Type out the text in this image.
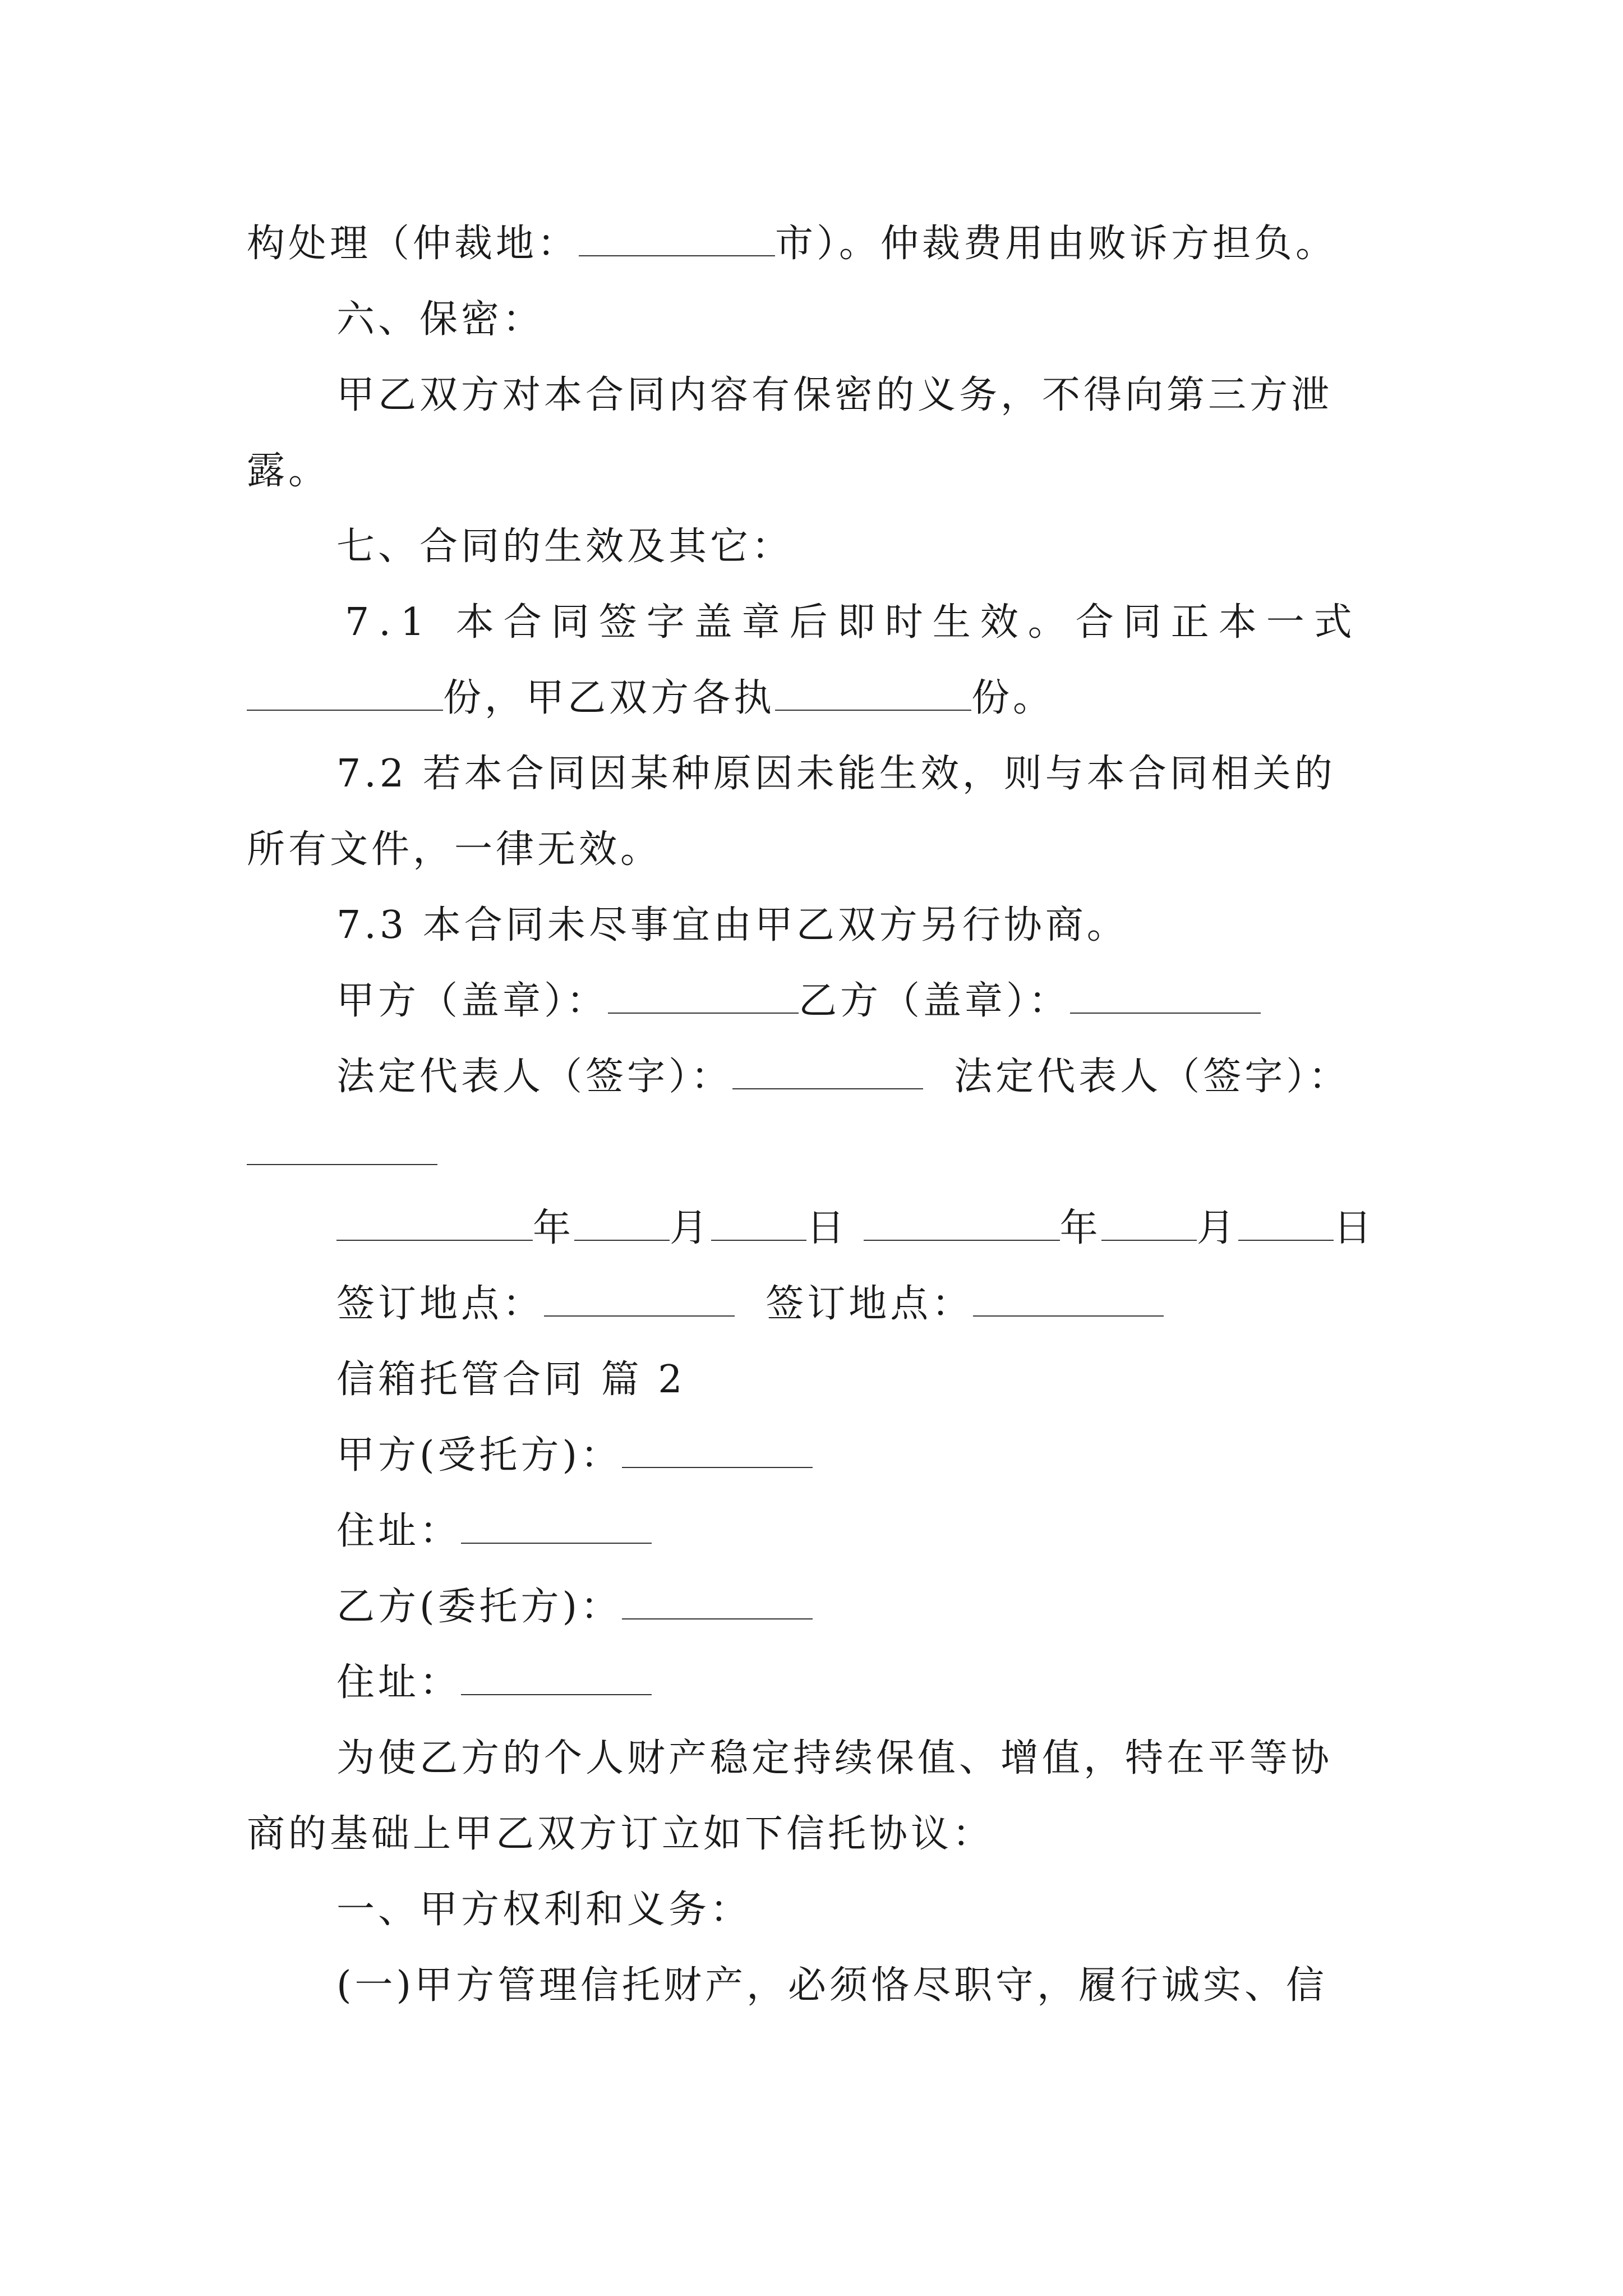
构处理（仲裁地：	市）。仲裁费用由败诉方担负。
六、保密：
甲乙双方对本合同内容有保密的义务，不得向第三方泄
露。
七、合同的生效及其它：
7.1 本合同签字盖章后即时生效。合同正本一式
份，甲乙双方各执	份。
7.2 若本合同因某种原因未能生效，则与本合同相关的
所有文件，一律无效。
7.3 本合同未尽事宜由甲乙双方另行协商。
甲方（盖章）：	乙方（盖章）：
法定代表人（签字）：	法定代表人（签字）：
年	月	日	年	月	日
签订地点：	签订地点：
信箱托管合同 篇 2
甲方(受托方)：
住址：
乙方(委托方)：
住址：
为使乙方的个人财产稳定持续保值、增值，特在平等协
商的基础上甲乙双方订立如下信托协议：
一、甲方权利和义务：
(一)甲方管理信托财产，必须恪尽职守，履行诚实、信
